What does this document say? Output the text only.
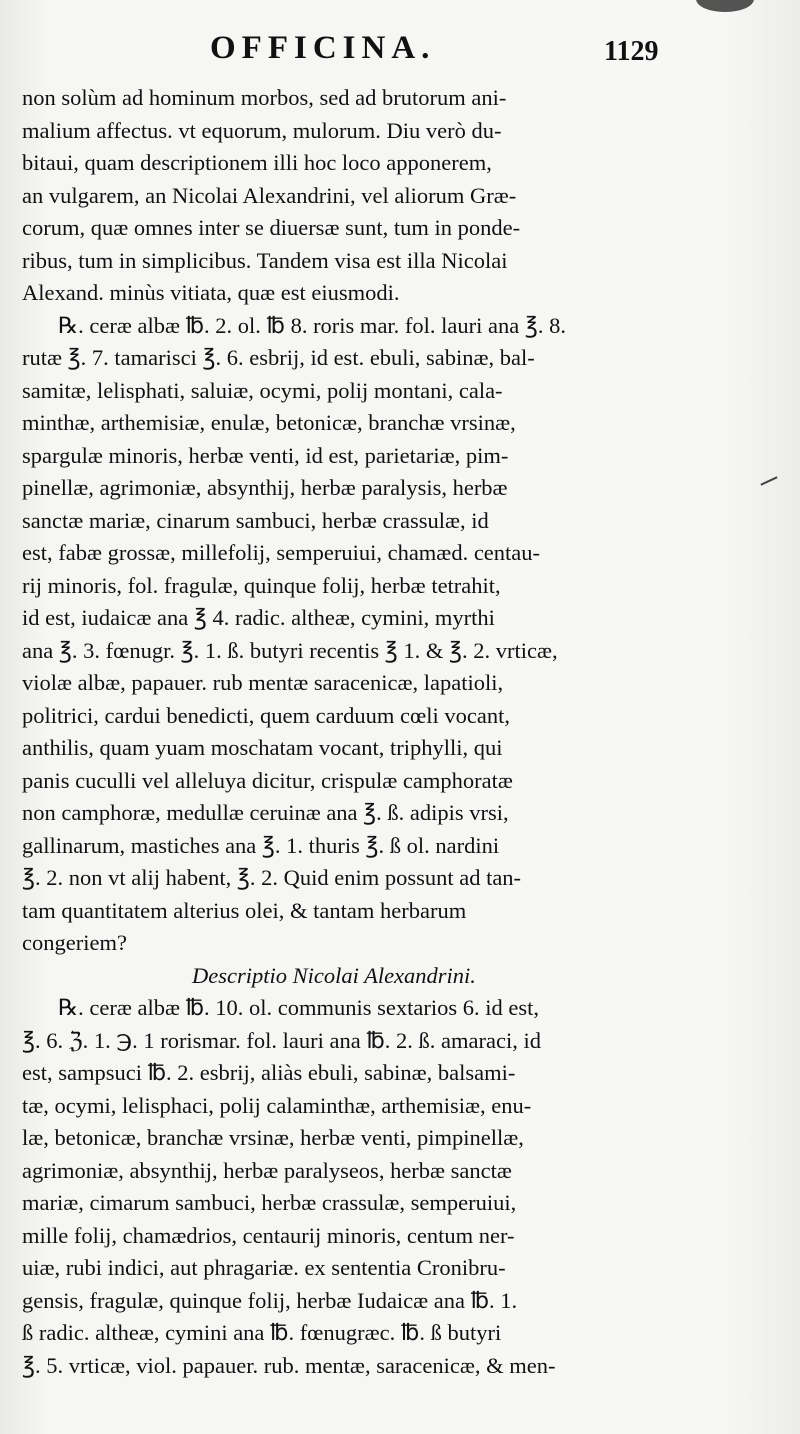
OFFICINA.	1129
non solùm ad hominum morbos, sed ad brutorum ani-
malium affectus. vt equorum, mulorum. Diu verò du-
bitaui, quam descriptionem illi hoc loco apponerem,
an vulgarem, an Nicolai Alexandrini, vel aliorum Græ-
corum, quæ omnes inter se diuersæ sunt, tum in ponde-
ribus, tum in simplicibus. Tandem visa est illa Nicolai
Alexand. minùs vitiata, quæ est eiusmodi.
℞. ceræ albæ ℔. 2. ol. ℔ 8. roris mar. fol. lauri ana ℥. 8.
rutæ ℥. 7. tamarisci ℥. 6. esbrij, id est. ebuli, sabinæ, bal-
samitæ, lelisphati, saluiæ, ocymi, polij montani, cala-
minthæ, arthemisiæ, enulæ, betonicæ, branchæ vrsinæ,
spargulæ minoris, herbæ venti, id est, parietariæ, pim-
pinellæ, agrimoniæ, absynthij, herbæ paralysis, herbæ
sanctæ mariæ, cinarum sambuci, herbæ crassulæ, id
est, fabæ grossæ, millefolij, semperuiui, chamæd. centau-
rij minoris, fol. fragulæ, quinque folij, herbæ tetrahit,
id est, iudaicæ ana ℥ 4. radic. altheæ, cymini, myrthi
ana ℥. 3. fœnugr. ℥. 1. ß. butyri recentis ℥ 1. & ℥. 2. vrticæ,
violæ albæ, papauer. rub mentæ saracenicæ, lapatioli,
politrici, cardui benedicti, quem carduum cœli vocant,
anthilis, quam yuam moschatam vocant, triphylli, qui
panis cuculli vel alleluya dicitur, crispulæ camphoratæ
non camphoræ, medullæ ceruinæ ana ℥. ß. adipis vrsi,
gallinarum, mastiches ana ℥. 1. thuris ℥. ß ol. nardini
℥. 2. non vt alij habent, ℥. 2. Quid enim possunt ad tan-
tam quantitatem alterius olei, & tantam herbarum
congeriem?
Descriptio Nicolai Alexandrini.
℞. ceræ albæ ℔. 10. ol. communis sextarios 6. id est,
℥. 6. ℨ. 1. ℈. 1 rorismar. fol. lauri ana ℔. 2. ß. amaraci, id
est, sampsuci ℔. 2. esbrij, aliàs ebuli, sabinæ, balsami-
tæ, ocymi, lelisphaci, polij calaminthæ, arthemisiæ, enu-
læ, betonicæ, branchæ vrsinæ, herbæ venti, pimpinellæ,
agrimoniæ, absynthij, herbæ paralyseos, herbæ sanctæ
mariæ, cimarum sambuci, herbæ crassulæ, semperuiui,
mille folij, chamædrios, centaurij minoris, centum ner-
uiæ, rubi indici, aut phragariæ. ex sententia Cronibru-
gensis, fragulæ, quinque folij, herbæ Iudaicæ ana ℔. 1.
ß radic. altheæ, cymini ana ℔. fœnugræc. ℔. ß butyri
℥. 5. vrticæ, viol. papauer. rub. mentæ, saracenicæ, & men-
